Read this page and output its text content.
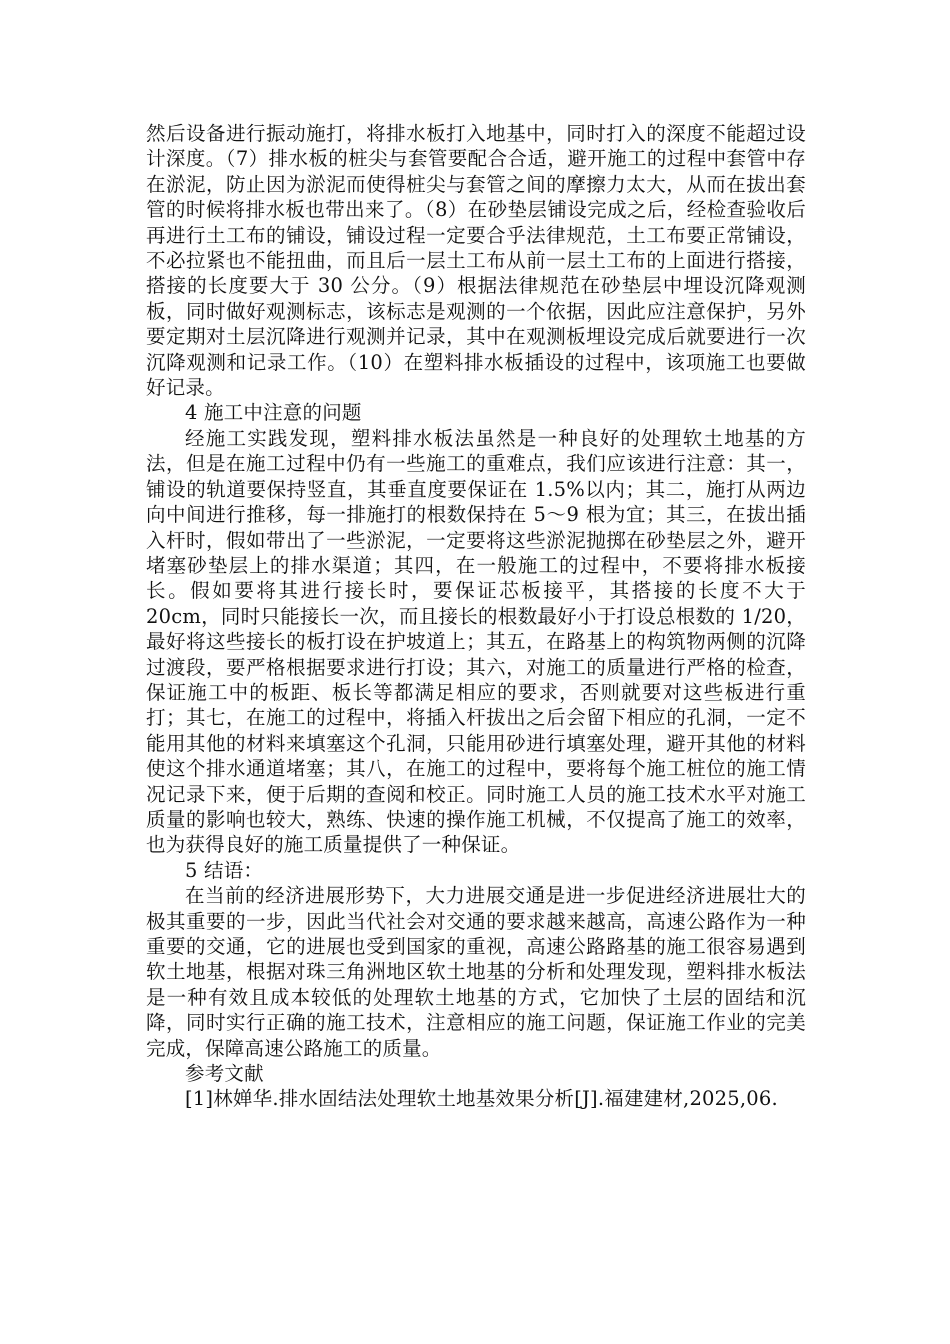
然后设备进行振动施打，将排水板打入地基中，同时打入的深度不能超过设计深度。（7）排水板的桩尖与套管要配合合适，避开施工的过程中套管中存在淤泥，防止因为淤泥而使得桩尖与套管之间的摩擦力太大，从而在拔出套管的时候将排水板也带出来了。（8）在砂垫层铺设完成之后，经检查验收后再进行土工布的铺设，铺设过程一定要合乎法律规范，土工布要正常铺设，不必拉紧也不能扭曲，而且后一层土工布从前一层土工布的上面进行搭接，搭接的长度要大于 30 公分。（9）根据法律规范在砂垫层中埋设沉降观测板，同时做好观测标志，该标志是观测的一个依据，因此应注意保护，另外要定期对土层沉降进行观测并记录，其中在观测板埋设完成后就要进行一次沉降观测和记录工作。（10）在塑料排水板插设的过程中，该项施工也要做好记录。

4 施工中注意的问题

经施工实践发现，塑料排水板法虽然是一种良好的处理软土地基的方法，但是在施工过程中仍有一些施工的重难点，我们应该进行注意：其一，铺设的轨道要保持竖直，其垂直度要保证在 1.5%以内；其二，施打从两边向中间进行推移，每一排施打的根数保持在 5～9 根为宜；其三，在拔出插入杆时，假如带出了一些淤泥，一定要将这些淤泥抛掷在砂垫层之外，避开堵塞砂垫层上的排水渠道；其四，在一般施工的过程中，不要将排水板接长。假如要将其进行接长时，要保证芯板接平，其搭接的长度不大于 20cm，同时只能接长一次，而且接长的根数最好小于打设总根数的 1/20，最好将这些接长的板打设在护坡道上；其五，在路基上的构筑物两侧的沉降过渡段，要严格根据要求进行打设；其六，对施工的质量进行严格的检查，保证施工中的板距、板长等都满足相应的要求，否则就要对这些板进行重打；其七，在施工的过程中，将插入杆拔出之后会留下相应的孔洞，一定不能用其他的材料来填塞这个孔洞，只能用砂进行填塞处理，避开其他的材料使这个排水通道堵塞；其八，在施工的过程中，要将每个施工桩位的施工情况记录下来，便于后期的查阅和校正。同时施工人员的施工技术水平对施工质量的影响也较大，熟练、快速的操作施工机械，不仅提高了施工的效率，也为获得良好的施工质量提供了一种保证。

5 结语：

在当前的经济进展形势下，大力进展交通是进一步促进经济进展壮大的极其重要的一步，因此当代社会对交通的要求越来越高，高速公路作为一种重要的交通，它的进展也受到国家的重视，高速公路路基的施工很容易遇到软土地基，根据对珠三角洲地区软土地基的分析和处理发现，塑料排水板法是一种有效且成本较低的处理软土地基的方式，它加快了土层的固结和沉降，同时实行正确的施工技术，注意相应的施工问题，保证施工作业的完美完成，保障高速公路施工的质量。

参考文献

[1]林婵华.排水固结法处理软土地基效果分析[J].福建建材,2025,06.
